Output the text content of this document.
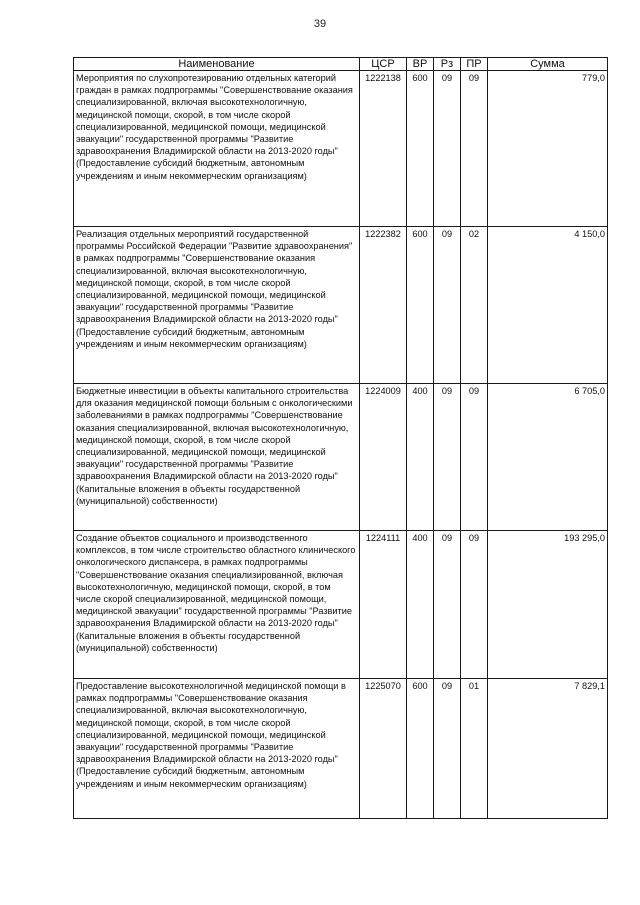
39
Наименование	ЦСР	ВР	Рз	ПР	Сумма
Мероприятия по слухопротезированию отдельных категорий граждан в рамках подпрограммы "Совершенствование оказания специализированной, включая высокотехнологичную, медицинской помощи, скорой, в том числе скорой специализированной, медицинской помощи, медицинской эвакуации" государственной программы "Развитие здравоохранения Владимирской области на 2013-2020 годы" (Предоставление субсидий бюджетным, автономным учреждениям и иным некоммерческим организациям)	1222138	600	09	09	779,0
Реализация отдельных мероприятий государственной программы Российской Федерации "Развитие здравоохранения" в рамках подпрограммы "Совершенствование оказания специализированной, включая высокотехнологичную, медицинской помощи, скорой, в том числе скорой специализированной, медицинской помощи, медицинской эвакуации" государственной программы "Развитие здравоохранения Владимирской области на 2013-2020 годы" (Предоставление субсидий бюджетным, автономным учреждениям и иным некоммерческим организациям)	1222382	600	09	02	4 150,0
Бюджетные инвестиции в объекты капитального строительства для оказания медицинской помощи больным с онкологическими заболеваниями в рамках подпрограммы "Совершенствование оказания специализированной, включая высокотехнологичную, медицинской помощи, скорой, в том числе скорой специализированной, медицинской помощи, медицинской эвакуации" государственной программы "Развитие здравоохранения Владимирской области на 2013-2020 годы" (Капитальные вложения в объекты государственной (муниципальной) собственности)	1224009	400	09	09	6 705,0
Создание объектов социального и производственного комплексов, в том числе строительство областного клинического онкологического диспансера, в рамках подпрограммы "Совершенствование оказания специализированной, включая высокотехнологичную, медицинской помощи, скорой, в том числе скорой специализированной, медицинской помощи, медицинской эвакуации" государственной программы "Развитие здравоохранения Владимирской области на 2013-2020 годы" (Капитальные вложения в объекты государственной (муниципальной) собственности)	1224111	400	09	09	193 295,0
Предоставление высокотехнологичной медицинской помощи в рамках подпрограммы "Совершенствование оказания специализированной, включая высокотехнологичную, медицинской помощи, скорой, в том числе скорой специализированной, медицинской помощи, медицинской эвакуации" государственной программы "Развитие здравоохранения Владимирской области на 2013-2020 годы" (Предоставление субсидий бюджетным, автономным учреждениям и иным некоммерческим организациям)	1225070	600	09	01	7 829,1
